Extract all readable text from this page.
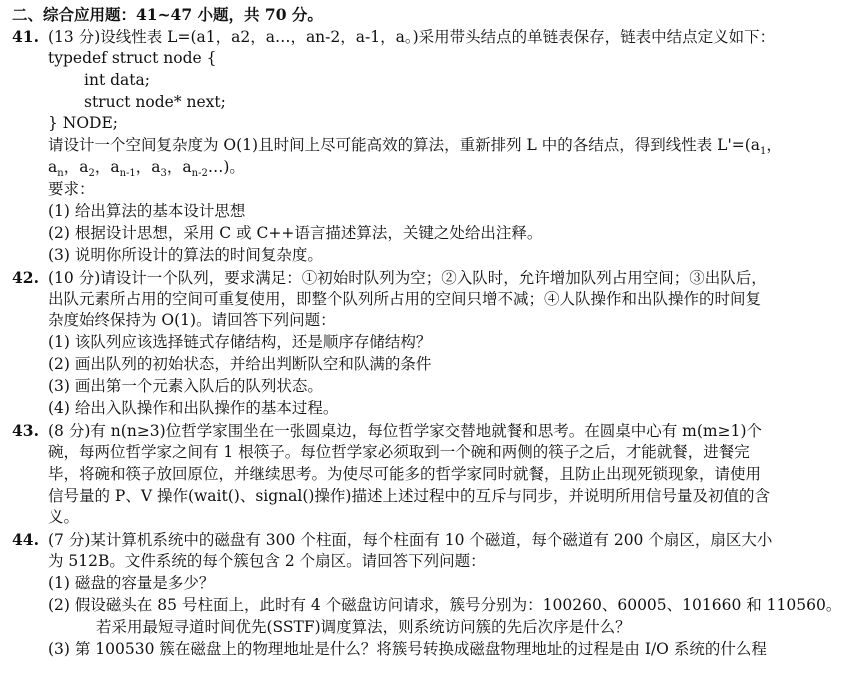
二、综合应用题：41~47 小题，共 70 分。
41. (13 分)设线性表 L=(a1，a2，a…，an-2，a-1，a。)采用带头结点的单链表保存，链表中结点定义如下：
typedef struct node {
int data;
struct node* next;
} NODE;
请设计一个空间复杂度为 O(1)且时间上尽可能高效的算法，重新排列 L 中的各结点，得到线性表 $L'=(a_1$，
$a_n$，$a_2$，$a_{n-1}$，$a_3$，$a_{n-2}\dots$)。
要求：
(1) 给出算法的基本设计思想
(2) 根据设计思想，采用 C 或 C++语言描述算法，关键之处给出注释。
(3) 说明你所设计的算法的时间复杂度。
42. (10 分)请设计一个队列，要求满足：①初始时队列为空；②入队时，允许增加队列占用空间；③出队后，
出队元素所占用的空间可重复使用，即整个队列所占用的空间只增不减；④人队操作和出队操作的时间复
杂度始终保持为 O(1)。请回答下列问题：
(1) 该队列应该选择链式存储结构，还是顺序存储结构？
(2) 画出队列的初始状态，并给出判断队空和队满的条件
(3) 画出第一个元素入队后的队列状态。
(4) 给出入队操作和出队操作的基本过程。
43. (8 分)有 n(n≥3)位哲学家围坐在一张圆桌边，每位哲学家交替地就餐和思考。在圆桌中心有 m(m≥1)个
碗，每两位哲学家之间有 1 根筷子。每位哲学家必须取到一个碗和两侧的筷子之后，才能就餐，进餐完
毕，将碗和筷子放回原位，并继续思考。为使尽可能多的哲学家同时就餐，且防止出现死锁现象，请使用
信号量的 P、V 操作(wait()、signal()操作)描述上述过程中的互斥与同步，并说明所用信号量及初值的含
义。
44. (7 分)某计算机系统中的磁盘有 300 个柱面，每个柱面有 10 个磁道，每个磁道有 200 个扇区，扇区大小
为 512B。文件系统的每个簇包含 2 个扇区。请回答下列问题：
(1) 磁盘的容量是多少？
(2) 假设磁头在 85 号柱面上，此时有 4 个磁盘访问请求，簇号分别为：100260、60005、101660 和 110560。
若采用最短寻道时间优先(SSTF)调度算法，则系统访问簇的先后次序是什么？
(3) 第 100530 簇在磁盘上的物理地址是什么？将簇号转换成磁盘物理地址的过程是由 I/O 系统的什么程
